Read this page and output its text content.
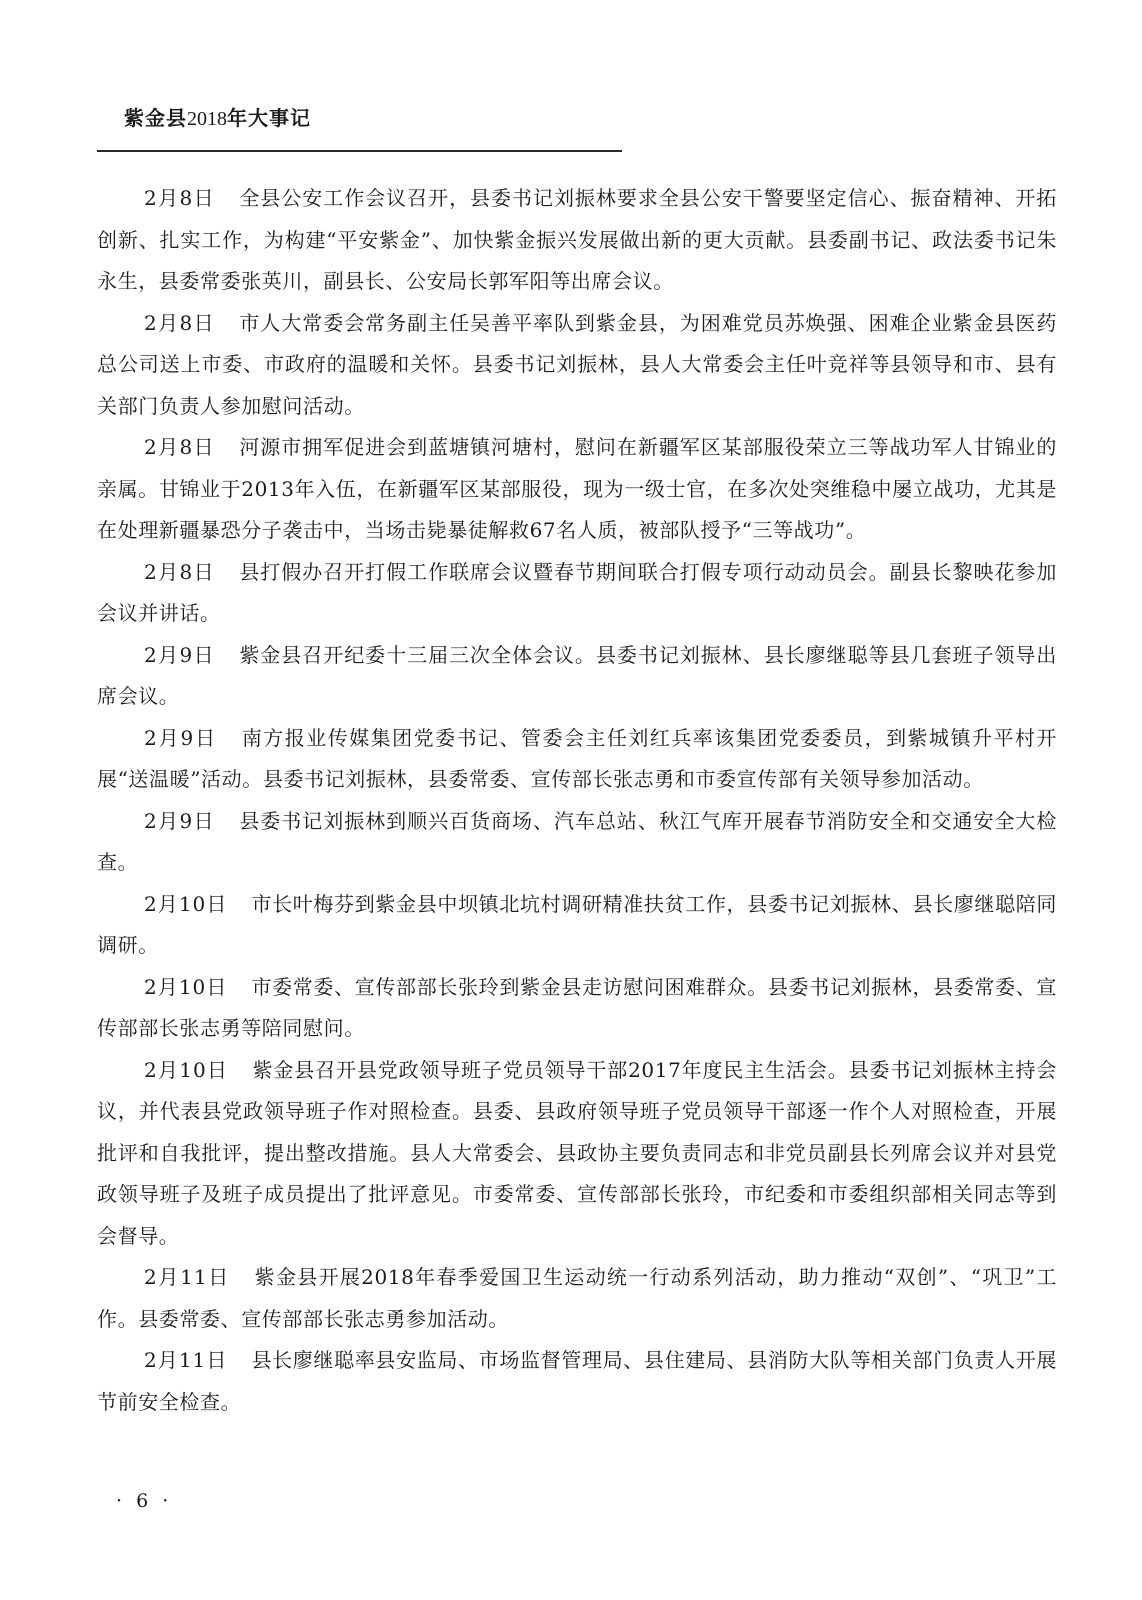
紫金县2018年大事记

2月8日 全县公安工作会议召开，县委书记刘振林要求全县公安干警要坚定信心、振奋精神、开拓创新、扎实工作，为构建“平安紫金”、加快紫金振兴发展做出新的更大贡献。县委副书记、政法委书记朱永生，县委常委张英川，副县长、公安局长郭军阳等出席会议。

2月8日 市人大常委会常务副主任吴善平率队到紫金县，为困难党员苏焕强、困难企业紫金县医药总公司送上市委、市政府的温暖和关怀。县委书记刘振林，县人大常委会主任叶竞祥等县领导和市、县有关部门负责人参加慰问活动。

2月8日 河源市拥军促进会到蓝塘镇河塘村，慰问在新疆军区某部服役荣立三等战功军人甘锦业的亲属。甘锦业于2013年入伍，在新疆军区某部服役，现为一级士官，在多次处突维稳中屡立战功，尤其是在处理新疆暴恐分子袭击中，当场击毙暴徒解救67名人质，被部队授予“三等战功”。

2月8日 县打假办召开打假工作联席会议暨春节期间联合打假专项行动动员会。副县长黎映花参加会议并讲话。

2月9日 紫金县召开纪委十三届三次全体会议。县委书记刘振林、县长廖继聪等县几套班子领导出席会议。

2月9日 南方报业传媒集团党委书记、管委会主任刘红兵率该集团党委委员，到紫城镇升平村开展“送温暖”活动。县委书记刘振林，县委常委、宣传部长张志勇和市委宣传部有关领导参加活动。

2月9日 县委书记刘振林到顺兴百货商场、汽车总站、秋江气库开展春节消防安全和交通安全大检查。

2月10日 市长叶梅芬到紫金县中坝镇北坑村调研精准扶贫工作，县委书记刘振林、县长廖继聪陪同调研。

2月10日 市委常委、宣传部部长张玲到紫金县走访慰问困难群众。县委书记刘振林，县委常委、宣传部部长张志勇等陪同慰问。

2月10日 紫金县召开县党政领导班子党员领导干部2017年度民主生活会。县委书记刘振林主持会议，并代表县党政领导班子作对照检查。县委、县政府领导班子党员领导干部逐一作个人对照检查，开展批评和自我批评，提出整改措施。县人大常委会、县政协主要负责同志和非党员副县长列席会议并对县党政领导班子及班子成员提出了批评意见。市委常委、宣传部部长张玲，市纪委和市委组织部相关同志等到会督导。

2月11日 紫金县开展2018年春季爱国卫生运动统一行动系列活动，助力推动“双创”、“巩卫”工作。县委常委、宣传部部长张志勇参加活动。

2月11日 县长廖继聪率县安监局、市场监督管理局、县住建局、县消防大队等相关部门负责人开展节前安全检查。

· 6 ·
